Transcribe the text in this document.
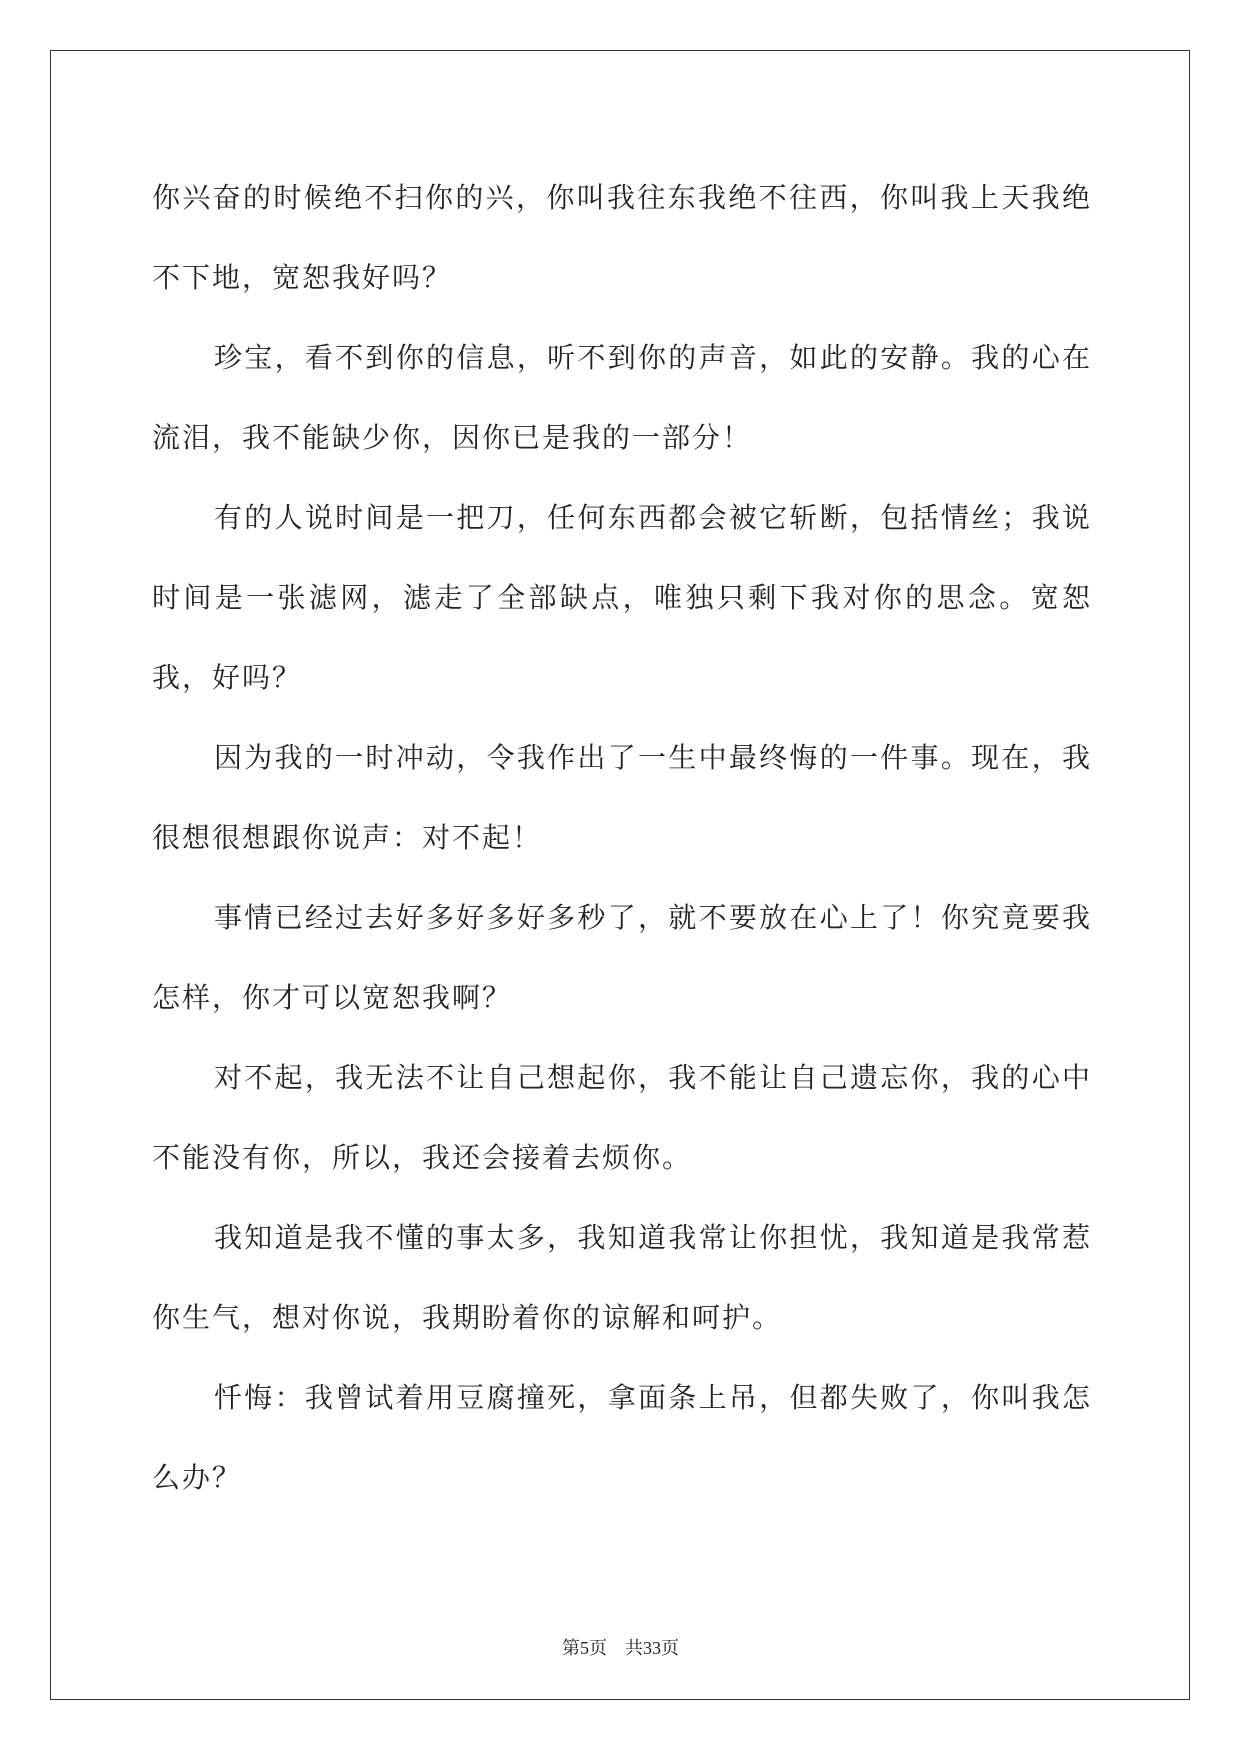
你兴奋的时候绝不扫你的兴，你叫我往东我绝不往西，你叫我上天我绝不下地，宽恕我好吗？

珍宝，看不到你的信息，听不到你的声音，如此的安静。我的心在流泪，我不能缺少你，因你已是我的一部分！

有的人说时间是一把刀，任何东西都会被它斩断，包括情丝；我说时间是一张滤网，滤走了全部缺点，唯独只剩下我对你的思念。宽恕我，好吗？

因为我的一时冲动，令我作出了一生中最终悔的一件事。现在，我很想很想跟你说声：对不起！

事情已经过去好多好多好多秒了，就不要放在心上了！你究竟要我怎样，你才可以宽恕我啊？

对不起，我无法不让自己想起你，我不能让自己遗忘你，我的心中不能没有你，所以，我还会接着去烦你。

我知道是我不懂的事太多，我知道我常让你担忧，我知道是我常惹你生气，想对你说，我期盼着你的谅解和呵护。

忏悔：我曾试着用豆腐撞死，拿面条上吊，但都失败了，你叫我怎么办？

第5页 共33页
